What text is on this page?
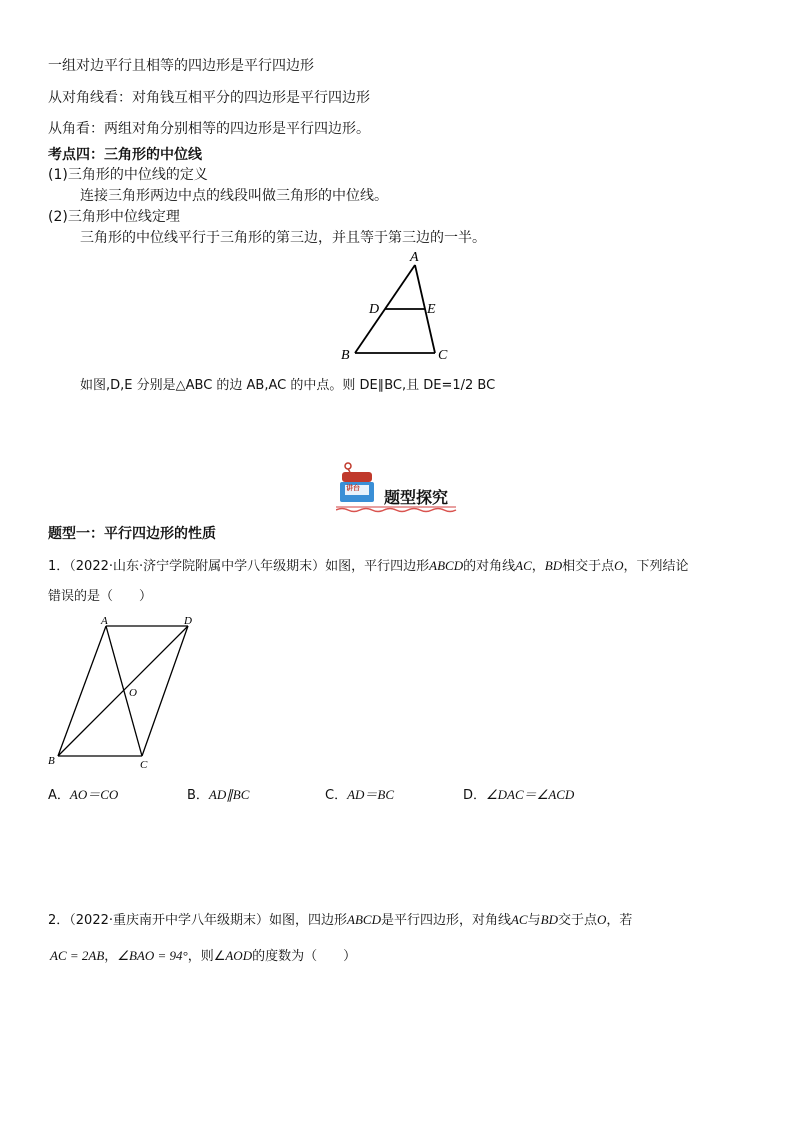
一组对边平行且相等的四边形是平行四边形
从对角线看：对角钱互相平分的四边形是平行四边形
从角看：两组对角分别相等的四边形是平行四边形。
考点四：三角形的中位线
(1)三角形的中位线的定义
连接三角形两边中点的线段叫做三角形的中位线。
(2)三角形中位线定理
三角形的中位线平行于三角形的第三边，并且等于第三边的一半。
A
D	E
B	C
如图,D,E 分别是△ABC 的边 AB,AC 的中点。则 DE∥BC,且 DE=1/2 BC
讲台 题型探究
题型一：平行四边形的性质
1．（2022·山东·济宁学院附属中学八年级期末）如图，平行四边形ABCD的对角线AC，BD相交于点O，下列结论
错误的是（　　）
A	D
O
B	C
A．AO＝CO	B．AD∥BC	C．AD＝BC	D．∠DAC＝∠ACD
2．（2022·重庆南开中学八年级期末）如图，四边形ABCD是平行四边形，对角线AC与BD交于点O，若
AC = 2AB，∠BAO = 94°，则∠AOD的度数为（　　）
